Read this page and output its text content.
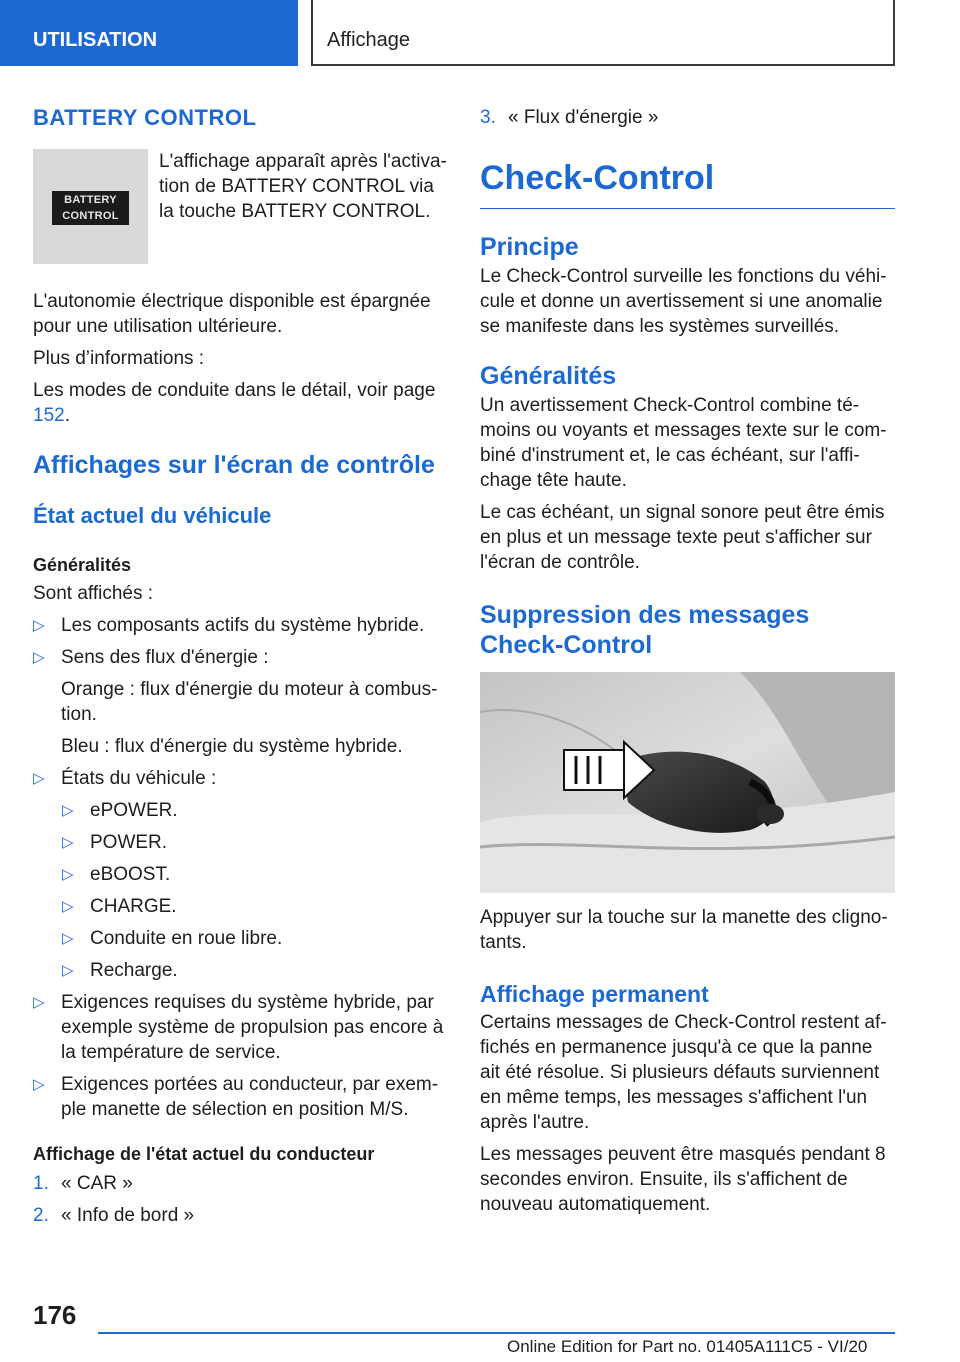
UTILISATION	Affichage
BATTERY CONTROL
BATTERY
CONTROL

L'affichage apparaît après l'activa-tion de BATTERY CONTROL via la touche BATTERY CONTROL.

L'autonomie électrique disponible est épargnée pour une utilisation ultérieure.

Plus d’informations :

Les modes de conduite dans le détail, voir page 152.

Affichages sur l'écran de contrôle
État actuel du véhicule
Généralités

Sont affichés :

▷ Les composants actifs du système hybride.

▷ Sens des flux d'énergie :

Orange : flux d'énergie du moteur à combus-tion.

Bleu : flux d'énergie du système hybride.

▷ États du véhicule :

▷ ePOWER.

▷ POWER.

▷ eBOOST.

▷ CHARGE.

▷ Conduite en roue libre.

▷ Recharge.

▷ Exigences requises du système hybride, par exemple système de propulsion pas encore à la température de service.

▷ Exigences portées au conducteur, par exem-ple manette de sélection en position M/S.

Affichage de l'état actuel du conducteur
1. « CAR »

2. « Info de bord »

3. « Flux d'énergie »

Check-Control
Principe

Le Check-Control surveille les fonctions du véhi-cule et donne un avertissement si une anomalie se manifeste dans les systèmes surveillés.

Généralités

Un avertissement Check-Control combine té-moins ou voyants et messages texte sur le com-biné d'instrument et, le cas échéant, sur l'affi-chage tête haute.

Le cas échéant, un signal sonore peut être émis en plus et un message texte peut s'afficher sur l'écran de contrôle.

Suppression des messages Check-Control

Appuyer sur la touche sur la manette des cligno-tants.

Affichage permanent

Certains messages de Check-Control restent af-fichés en permanence jusqu'à ce que la panne ait été résolue. Si plusieurs défauts surviennent en même temps, les messages s'affichent l'un après l'autre.

Les messages peuvent être masqués pendant 8 secondes environ. Ensuite, ils s'affichent de nouveau automatiquement.

176
Online Edition for Part no. 01405A111C5 - VI/20
